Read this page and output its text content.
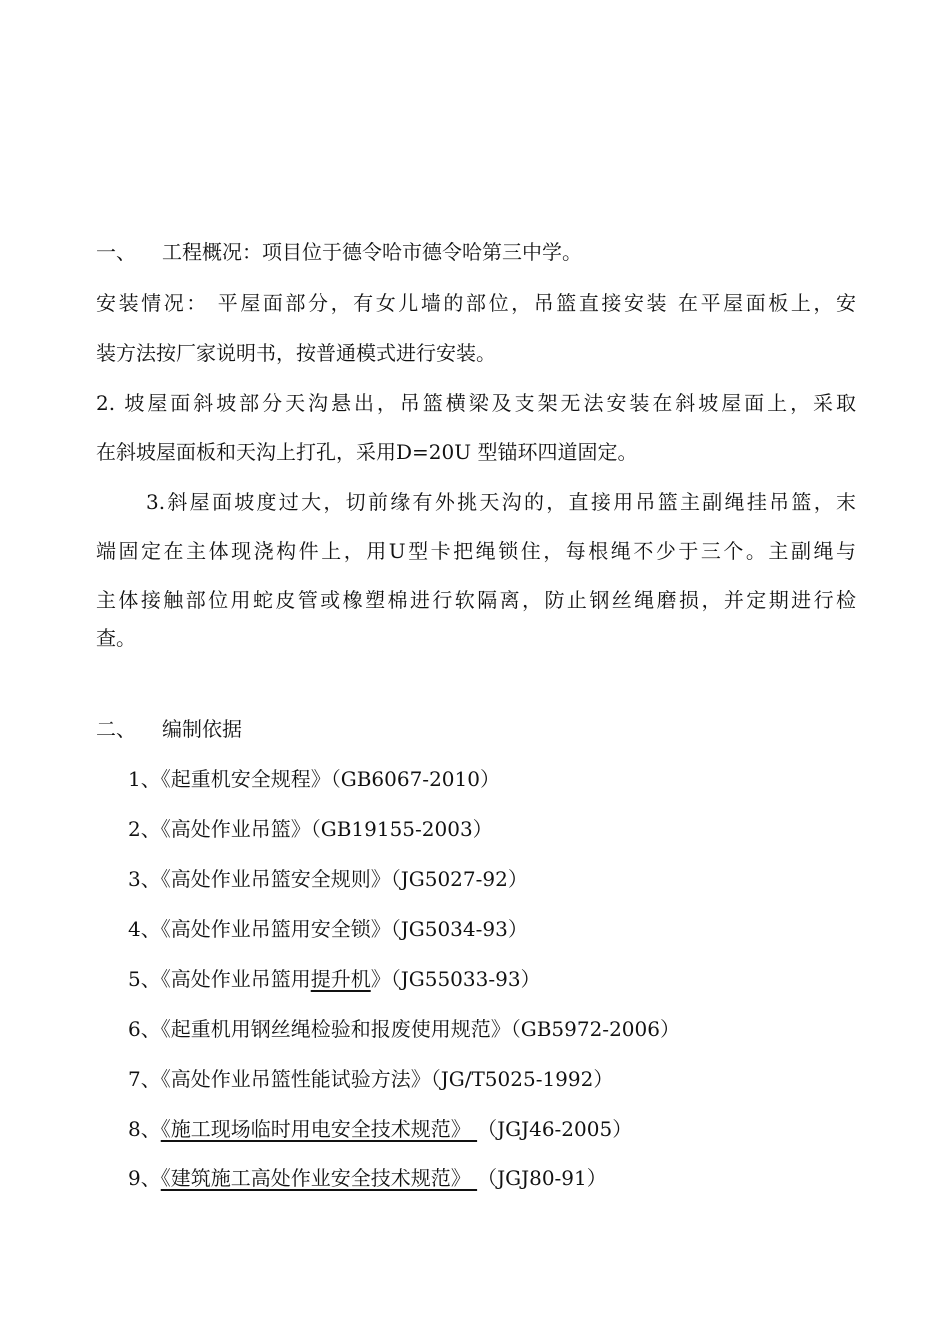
一、 工程概况：项目位于德令哈市德令哈第三中学。
安装情况： 平屋面部分，有女儿墙的部位，吊篮直接安装 在平屋面板上，安
装方法按厂家说明书，按普通模式进行安装。
2. 坡屋面斜坡部分天沟悬出，吊篮横梁及支架无法安装在斜坡屋面上，采取
在斜坡屋面板和天沟上打孔，采用D=20U 型锚环四道固定。
3.斜屋面坡度过大，切前缘有外挑天沟的，直接用吊篮主副绳挂吊篮，末
端固定在主体现浇构件上，用U型卡把绳锁住，每根绳不少于三个。主副绳与
主体接触部位用蛇皮管或橡塑棉进行软隔离，防止钢丝绳磨损，并定期进行检
查。
二、 编制依据
1、《起重机安全规程》（GB6067-2010）
2、《高处作业吊篮》（GB19155-2003）
3、《高处作业吊篮安全规则》（JG5027-92）
4、《高处作业吊篮用安全锁》（JG5034-93）
5、《高处作业吊篮用提升机》（JG55033-93）
6、《起重机用钢丝绳检验和报废使用规范》（GB5972-2006）
7、《高处作业吊篮性能试验方法》（JG/T5025-1992）
8、《施工现场临时用电安全技术规范》 （JGJ46-2005）
9、《建筑施工高处作业安全技术规范》 （JGJ80-91）
